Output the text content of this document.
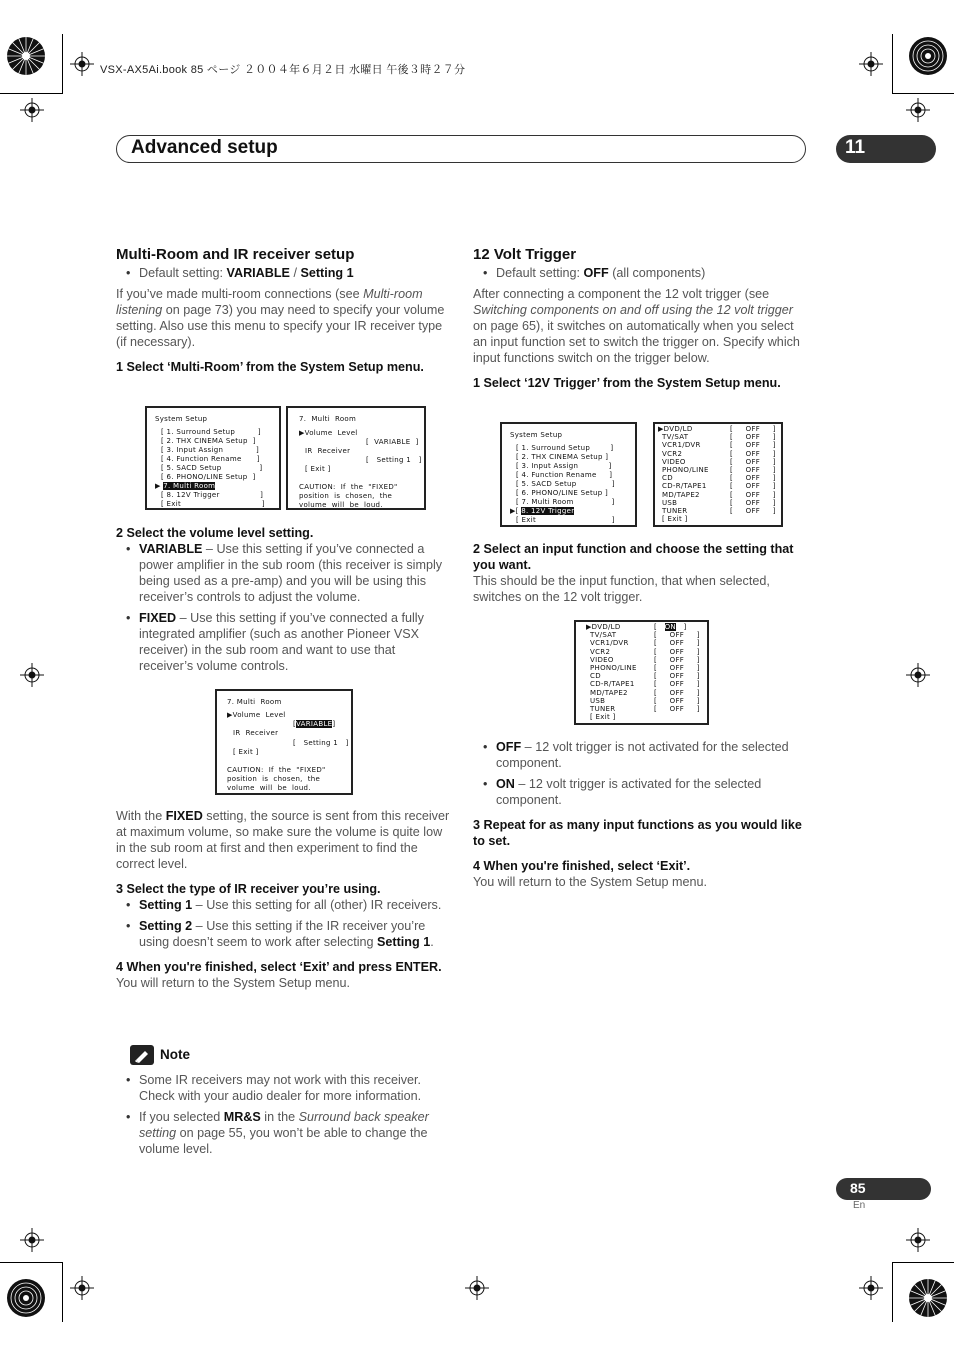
VSX-AX5Ai.book 85 ページ ２００４年６月２日 水曜日 午後３時２７分
Advanced setup	11
Multi-Room and IR receiver setup
• Default setting: VARIABLE / Setting 1

If you’ve made multi-room connections (see Multi-room listening on page 73) you may need to specify your volume setting. Also use this menu to specify your IR receiver type (if necessary).

1 Select ‘Multi-Room’ from the System Setup menu.

System Setup
[ 1. Surround Setup         ]
[ 2. THX CINEMA Setup  ]
[ 3. Input Assign             ]
[ 4. Function Rename      ]
[ 5. SACD Setup               ]
[ 6. PHONO/LINE Setup  ]
▶ 7. Multi Room
[ 8. 12V Trigger                ]
[ Exit                                ]
7.  Multi  Room
▶Volume  Level
[  VARIABLE  ]
IR  Receiver
[   Setting 1   ]
[ Exit ]
CAUTION:  If  the  "FIXED"
position  is  chosen,  the
volume  will  be  loud.

2 Select the volume level setting.

• VARIABLE – Use this setting if you’ve connected a power amplifier in the sub room (this receiver is simply being used as a pre-amp) and you will be using this receiver’s controls to adjust the volume.
• FIXED – Use this setting if you’ve connected a fully integrated amplifier (such as another Pioneer VSX receiver) in the sub room and want to use that receiver’s volume controls.
7. Multi  Room
▶Volume  Level
[VARIABLE]
IR  Receiver
[   Setting 1   ]
[ Exit ]
CAUTION:  If  the  "FIXED"
position  is  chosen,  the
volume  will  be  loud.

With the FIXED setting, the source is sent from this receiver at maximum volume, so make sure the volume is quite low in the sub room at first and then experiment to find the correct level.

3 Select the type of IR receiver you’re using.

• Setting 1 – Use this setting for all (other) IR receivers.
• Setting 2 – Use this setting if the IR receiver you’re using doesn’t seem to work after selecting Setting 1.

4 When you're finished, select ‘Exit’ and press ENTER.

You will return to the System Setup menu.

Note
• Some IR receivers may not work with this receiver. Check with your audio dealer for more information.
• If you selected MR&S in the Surround back speaker setting on page 55, you won’t be able to change the volume level.
12 Volt Trigger
• Default setting: OFF (all components)

After connecting a component the 12 volt trigger (see Switching components on and off using the 12 volt trigger on page 65), it switches on automatically when you select an input function set to switch the trigger on. Specify which input functions switch on the trigger below.

1 Select ‘12V Trigger’ from the System Setup menu.

System Setup
[ 1. Surround Setup        ]
[ 2. THX CINEMA Setup ]
[ 3. Input Assign            ]
[ 4. Function Rename     ]
[ 5. SACD Setup              ]
[ 6. PHONO/LINE Setup ]
[ 7. Multi Room               ]
▶[ 8. 12V Trigger
[ Exit                              ]
▶DVD/LD	[     OFF     ]
TV/SAT	[     OFF     ]
VCR1/DVR	[     OFF     ]
VCR2	[     OFF     ]
VIDEO	[     OFF     ]
PHONO/LINE	[     OFF     ]
CD	[     OFF     ]
CD-R/TAPE1	[     OFF     ]
MD/TAPE2	[     OFF     ]
USB	[     OFF     ]
TUNER	[     OFF     ]
[ Exit ]

2 Select an input function and choose the setting that you want.

This should be the input function, that when selected, switches on the 12 volt trigger.

▶DVD/LD	[   ON   ]
TV/SAT	[     OFF     ]
VCR1/DVR	[     OFF     ]
VCR2	[     OFF     ]
VIDEO	[     OFF     ]
PHONO/LINE [     OFF     ]
CD	[     OFF     ]
CD-R/TAPE1	[     OFF     ]
MD/TAPE2	[     OFF     ]
USB	[     OFF     ]
TUNER	[     OFF     ]
[ Exit ]
• OFF – 12 volt trigger is not activated for the selected component.
• ON – 12 volt trigger is activated for the selected component.

3 Repeat for as many input functions as you would like to set.

4 When you're finished, select ‘Exit’.

You will return to the System Setup menu.

85
En
